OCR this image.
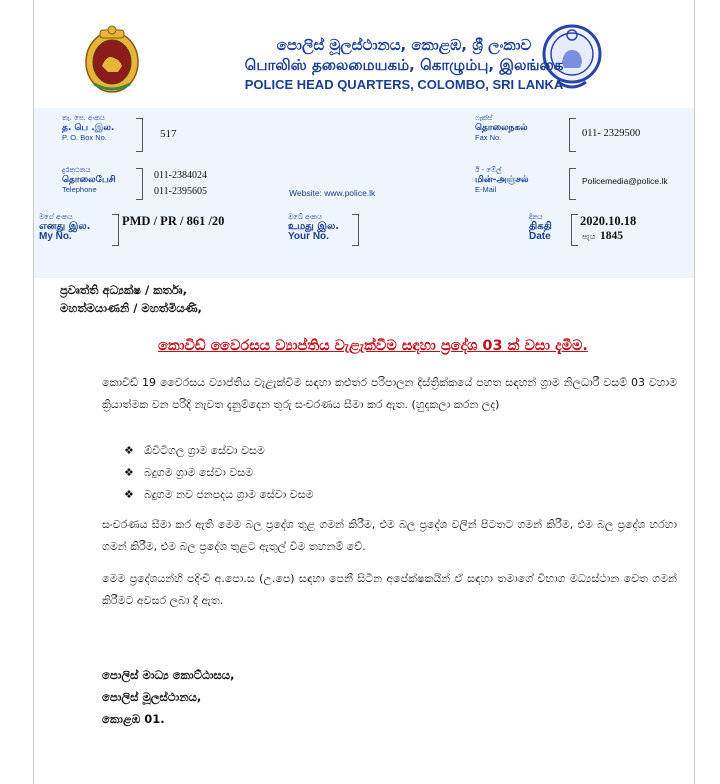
පොලිස් මූලස්ථානය, කොළඹ, ශ්‍රී ලංකාව
பொலிஸ் தலைமையகம், கொழும்பு, இலங்கை
POLICE HEAD QUARTERS, COLOMBO, SRI LANKA
තැ. පෙ. අංකය
த. பெ .இல.
P. O. Box No.	517
ෆැක්ස්
தொலைநகல்
Fax No.	011- 2329500
දුරකථනය
தொலைபேசி
Telephone
011-2384024
011-2395605	Website: www.police.lk
ඊ - මේල්
மின்-அஞ்சல்
E-Mail
Policemedia@police.lk
මගේ අංකය
எனது இல.
My No.
PMD / PR / 861 /20	ඔබේ අංකය
உமது இல.
Your No.
දිනය
திகதி
Date
2020.10.18
පැය 1845
ප්‍රවෘත්ති අධ්‍යක්ෂ / කර්තෘ,
මහත්මයාණනි / මහත්මියණි,
කොවිඩ් වෛරසය ව්‍යාප්තිය වැළැක්වීම සඳහා ප්‍රදේශ 03 ක් වසා දැමීම.
කොවිඩ් 19 වෛරසය ව්‍යාප්තිය වැළැක්වීම සඳහා කළුතර පරිපාලන දිස්ත්‍රික්කයේ පහත සඳහන් ග්‍රාම නිලධාරී වසම් 03 වහාම ක්‍රියාත්මක වන පරිදි නැවත දැනුම්දෙන තුරු සංචරණය සීමා කර ඇත. (හුදකලා කරන ලද)
❖ ඕවිටිගල ග්‍රාම සේවා වසම
❖ බදුගම ග්‍රාම සේවා වසම
❖ බදුගම නව ජනපදය ග්‍රාම සේවා වසම
සංචරණය සීමා කර ඇති මෙම බල ප්‍රදේශ තුළ ගමන් කිරීම, එම බල ප්‍රදේශ වලින් පිටතට ගමන් කිරීම, එම බල ප්‍රදේශ හරහා ගමන් කිරීම, එම බල ප්‍රදේශ තුළට ඇතුල් වීම තහනම් වේ.
මෙම ප්‍රදේශයන්හි පදිංචි අ.පො.ස (උ.පෙ) සඳහා පෙනී සිටින අපේක්ෂකයින් ඒ සඳහා තමාගේ විභාග මධ්‍යස්ථාන වෙත ගමන් කිරීමට අවසර ලබා දී ඇත.
පොලිස් මාධ්‍ය කොට්ඨාසය,
පොලිස් මූලස්ථානය,
කොළඹ 01.
